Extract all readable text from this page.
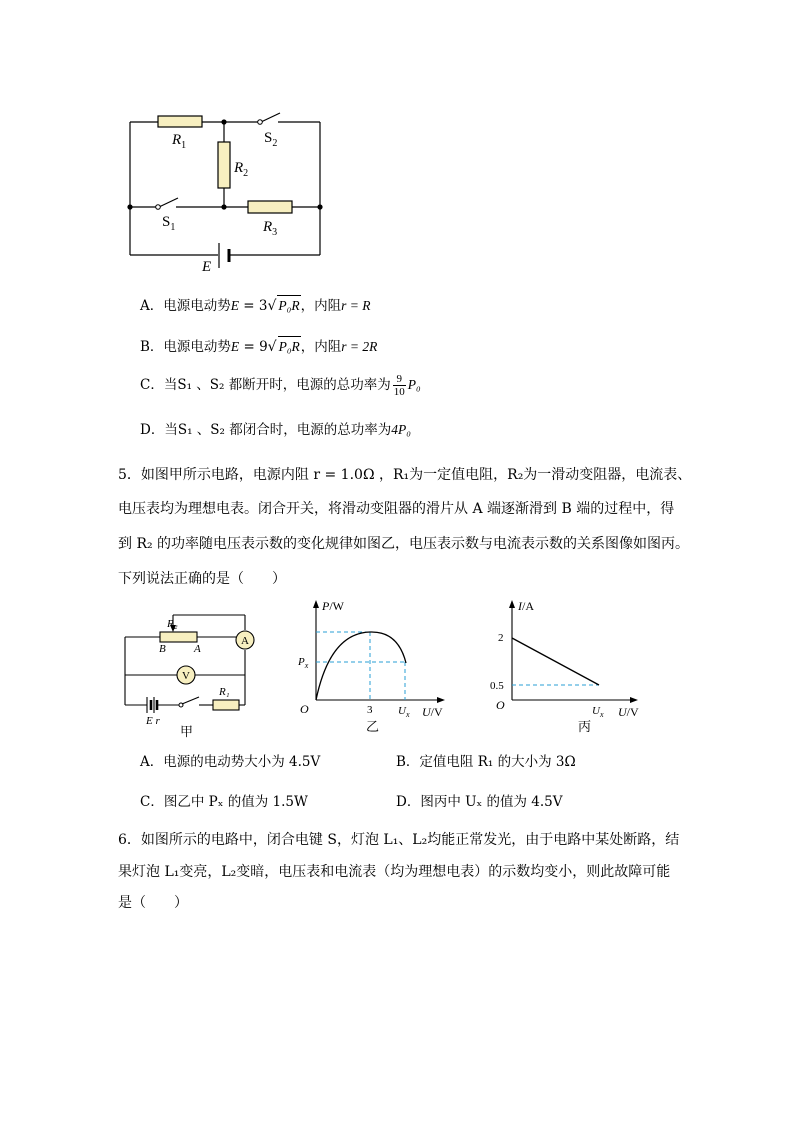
$R_1$	$S_2$
$R_2$
$S_1$	$R_3$
E
A．电源电动势E = 3√ P₀R，内阻r = R
B．电源电动势E = 9√ P₀R，内阻r = 2R
C．当S₁ 、S₂ 都断开时，电源的总功率为 $\frac{9}{10} P_0$
D．当S₁ 、S₂ 都闭合时，电源的总功率为4P₀
5．如图甲所示电路，电源内阻 r = 1.0Ω ，R₁为一定值电阻，R₂为一滑动变阻器，电流表、
电压表均为理想电表。闭合开关，将滑动变阻器的滑片从 A 端逐渐滑到 B 端的过程中，得
到 R₂ 的功率随电压表示数的变化规律如图乙，电压表示数与电流表示数的关系图像如图丙。
下列说法正确的是（　　）
A
V
R₂
B	A
R₁
E r
甲
P/W
$P_x$
O	3 $U_x$ U/V
乙
I/A
2
0.5
O	$U_x$ U/V
丙
A．电源的电动势大小为 4.5V	B．定值电阻 R₁ 的大小为 3Ω
C．图乙中 Pₓ 的值为 1.5W	D．图丙中 Uₓ 的值为 4.5V
6．如图所示的电路中，闭合电键 S，灯泡 L₁、L₂均能正常发光，由于电路中某处断路，结
果灯泡 L₁变亮，L₂变暗，电压表和电流表（均为理想电表）的示数均变小，则此故障可能
是（　　）
